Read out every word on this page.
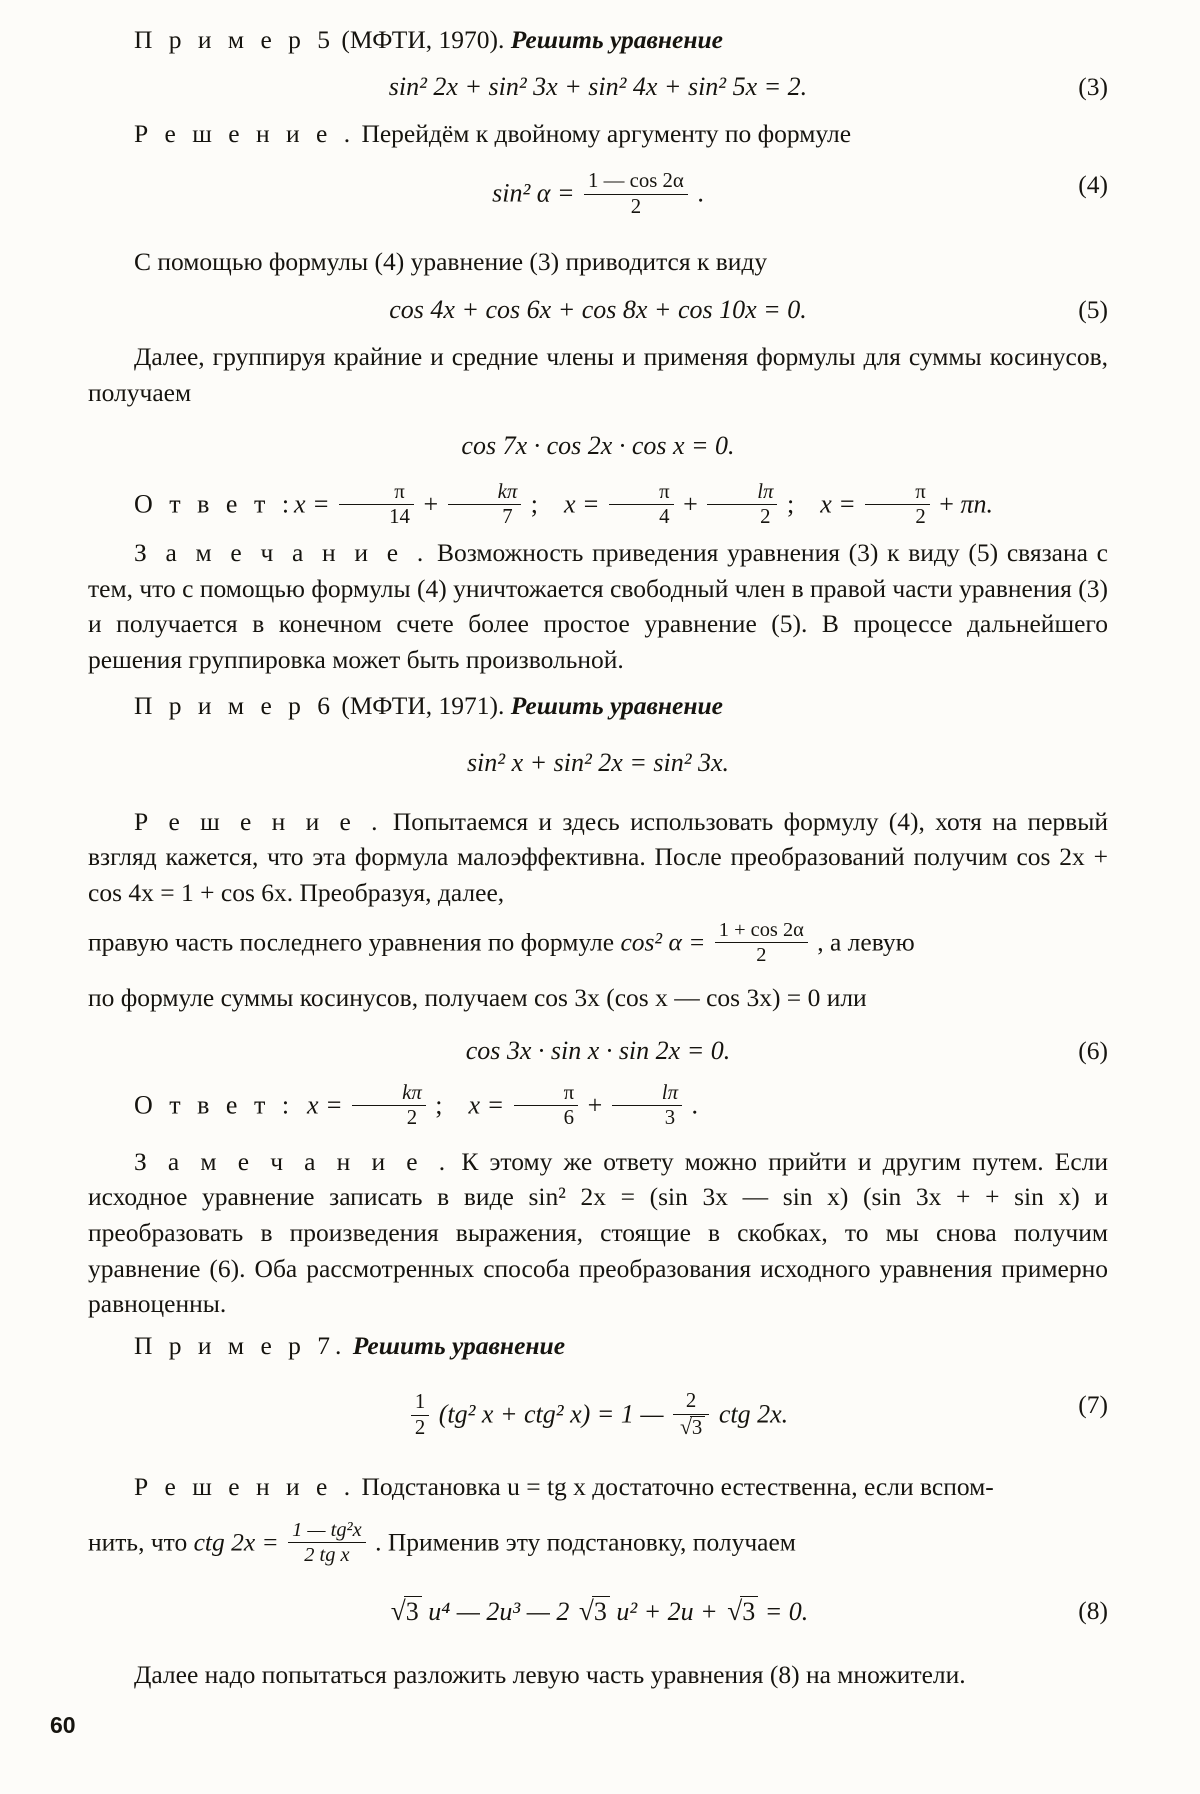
П р и м е р 5 (МФТИ, 1970). Решить уравнение

sin² 2x + sin² 3x + sin² 4x + sin² 5x = 2.	(3)

Р е ш е н и е . Перейдём к двойному аргументу по формуле

sin² $\alpha = \frac{1 — \cos 2\alpha}{2}$ .	(4)

С помощью формулы (4) уравнение (3) приводится к виду

cos 4x + cos 6x + cos 8x + cos 10x = 0.	(5)

Далее, группируя крайние и средние члены и применяя формулы для суммы косинусов, получаем

cos 7x · cos 2x · cos x = 0.

О т в е т :x = $\frac{\pi}{14} + \frac{k\pi}{7}$ ; $x = \frac{\pi}{4} + \frac{l\pi}{2}$ ; $x = \frac{\pi}{2} + \pi n$.

З а м е ч а н и е . Возможность приведения уравнения (3) к виду (5) связана с тем, что с помощью формулы (4) уничтожается свободный член в правой части уравнения (3) и получается в конечном счете более простое уравнение (5). В процессе дальнейшего решения группировка может быть произвольной.

П р и м е р 6 (МФТИ, 1971). Решить уравнение

sin² x + sin² 2x = sin² 3x.

Р е ш е н и е . Попытаемся и здесь использовать формулу (4), хотя на первый взгляд кажется, что эта формула малоэффективна. После преобразований получим cos 2x + cos 4x = 1 + cos 6x. Преобразуя, далее,

правую часть последнего уравнения по формуле cos² $\alpha = \frac{1 + \cos 2\alpha}{2}$ , а левую

по формуле суммы косинусов, получаем cos 3x (cos x — cos 3x) = 0 или

cos 3x · sin x · sin 2x = 0.	(6)

О т в е т : $x = \frac{k\pi}{2}$ ; $x = \frac{\pi}{6} + \frac{l\pi}{3}$ .

З а м е ч а н и е . К этому же ответу можно прийти и другим путем. Если исходное уравнение записать в виде sin² 2x = (sin 3x — sin x) (sin 3x + + sin x) и преобразовать в произведения выражения, стоящие в скобках, то мы снова получим уравнение (6). Оба рассмотренных способа преобразования исходного уравнения примерно равноценны.

П р и м е р 7. Решить уравнение

$\frac{1}{2} (tg^2$ x + ctg² x) = 1 — $\frac{2}{√3}$ ctg 2x.	(7)

Р е ш е н и е . Подстановка u = tg x достаточно естественна, если вспом-

нить, что ctg $2x = \frac{\text{1 — tg²x}}{\text{2 tg x}}$ . Применив эту подстановку, получаем

√3 u⁴ — 2u³ — 2 √3 u² + 2u + √3 = 0.	(8)

Далее надо попытаться разложить левую часть уравнения (8) на множители.

60
